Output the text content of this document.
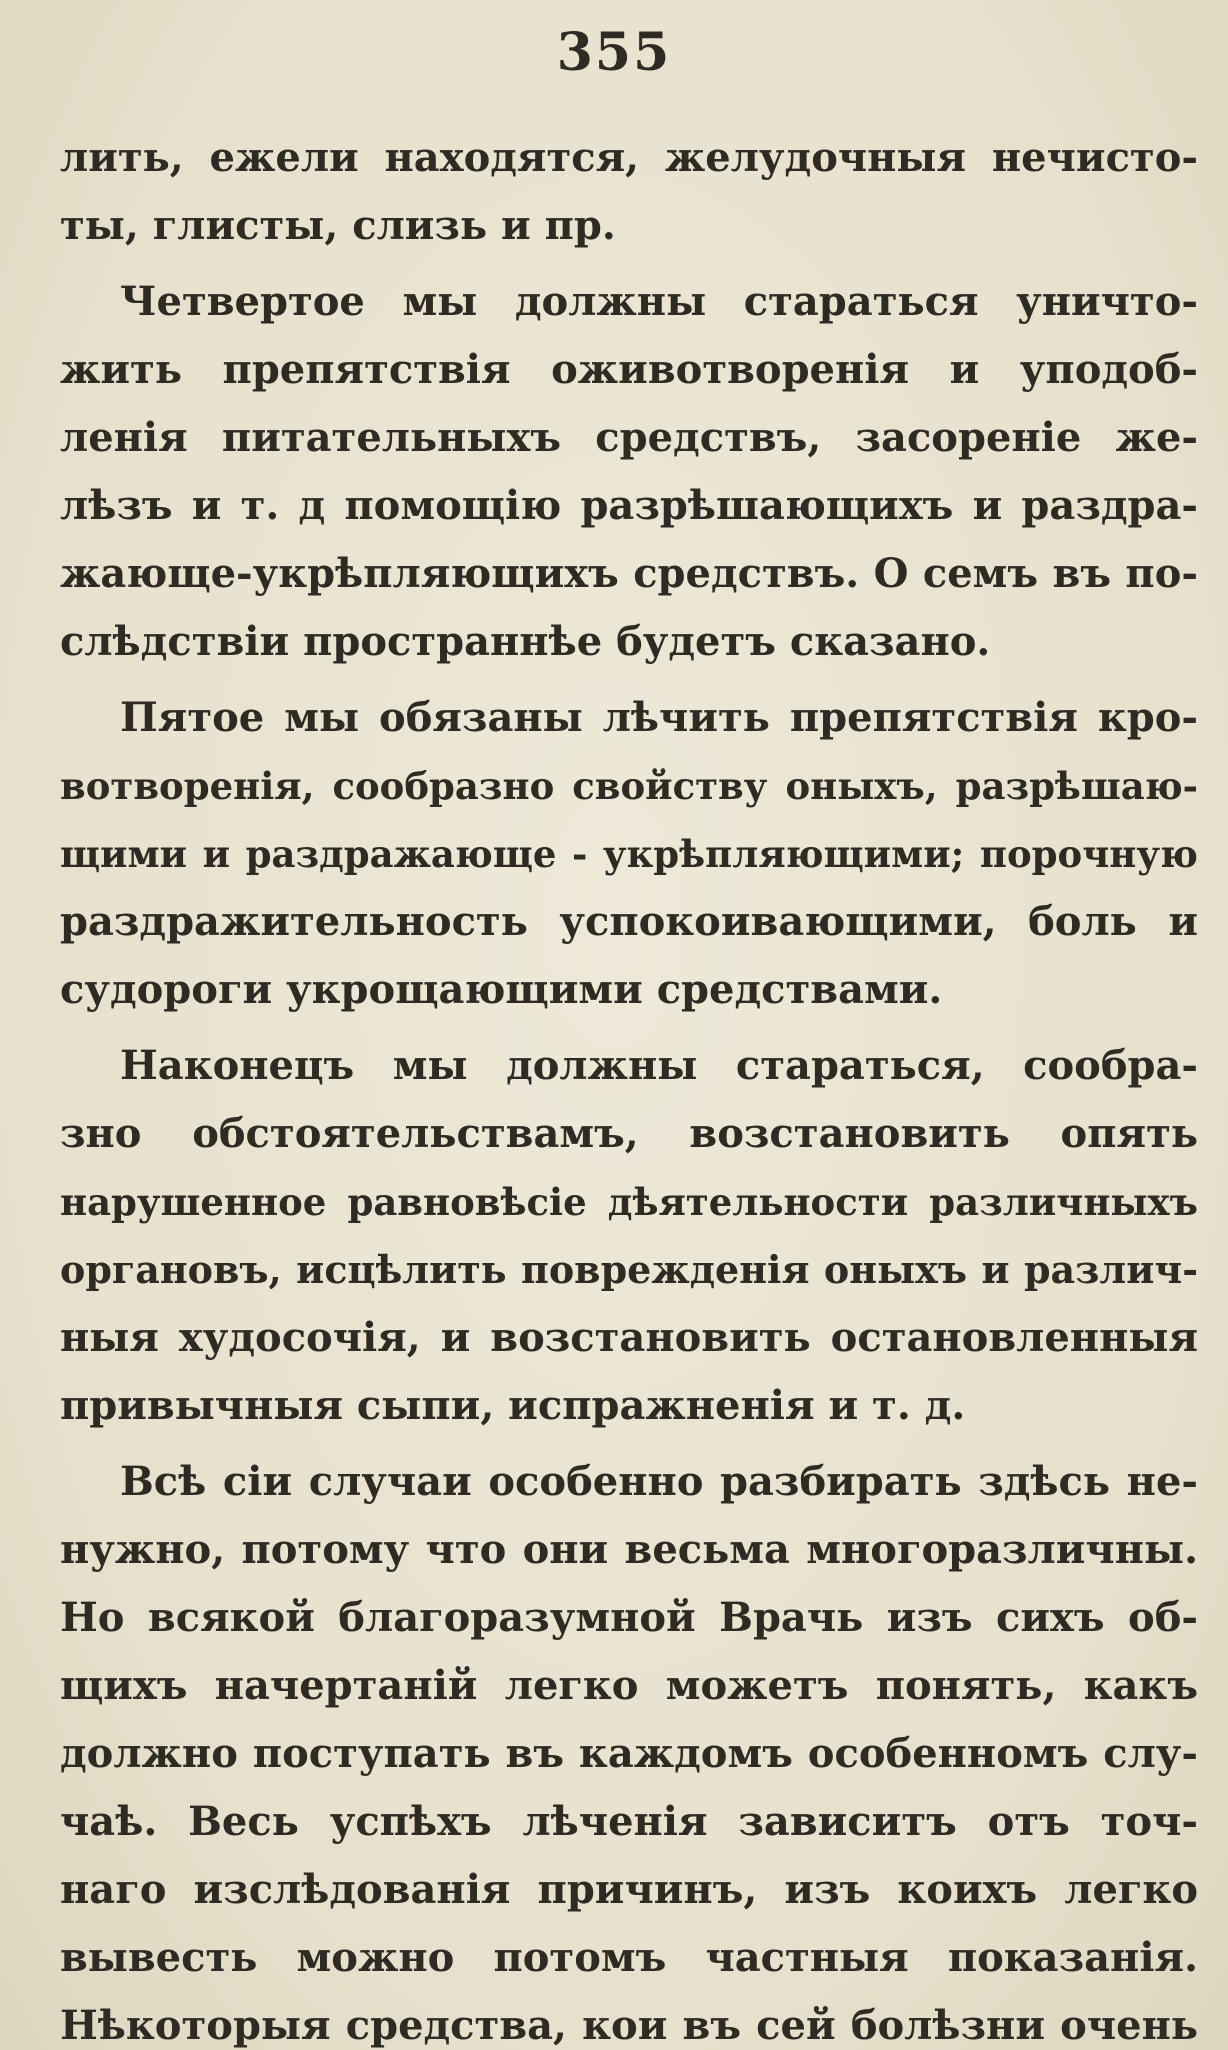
355

лить, ежели находятся, желудочныя нечисто-
ты, глисты, слизь и пр.

Четвертое мы должны стараться уничто-
жить препятствія оживотворенія и уподоб-
ленія питательныхъ средствъ, засореніе же-
лѣзъ и т. д помощію разрѣшающихъ и раздра-
жающе-укрѣпляющихъ средствъ. О семъ въ по-
слѣдствіи пространнѣе будетъ сказано.

Пятое мы обязаны лѣчить препятствія кро-
вотворенія, сообразно свойству оныхъ, разрѣшаю-
щими и раздражающе - укрѣпляющими; порочную
раздражительность успокоивающими, боль и
судороги укрощающими средствами.

Наконецъ мы должны стараться, сообра-
зно обстоятельствамъ, возстановить опять
нарушенное равновѣсіе дѣятельности различныхъ
органовъ, исцѣлить поврежденія оныхъ и различ-
ныя худосочія, и возстановить остановленныя
привычныя сыпи, испражненія и т. д.

Всѣ сіи случаи особенно разбирать здѣсь не-
нужно, потому что они весьма многоразличны.
Но всякой благоразумной Врачь изъ сихъ об-
щихъ начертаній легко можетъ понять, какъ
должно поступать въ каждомъ особенномъ слу-
чаѣ. Весь успѣхъ лѣченія зависитъ отъ точ-
наго изслѣдованія причинъ, изъ коихъ легко
вывесть можно потомъ частныя показанія.
Нѣкоторыя средства, кои въ сей болѣзни очень
